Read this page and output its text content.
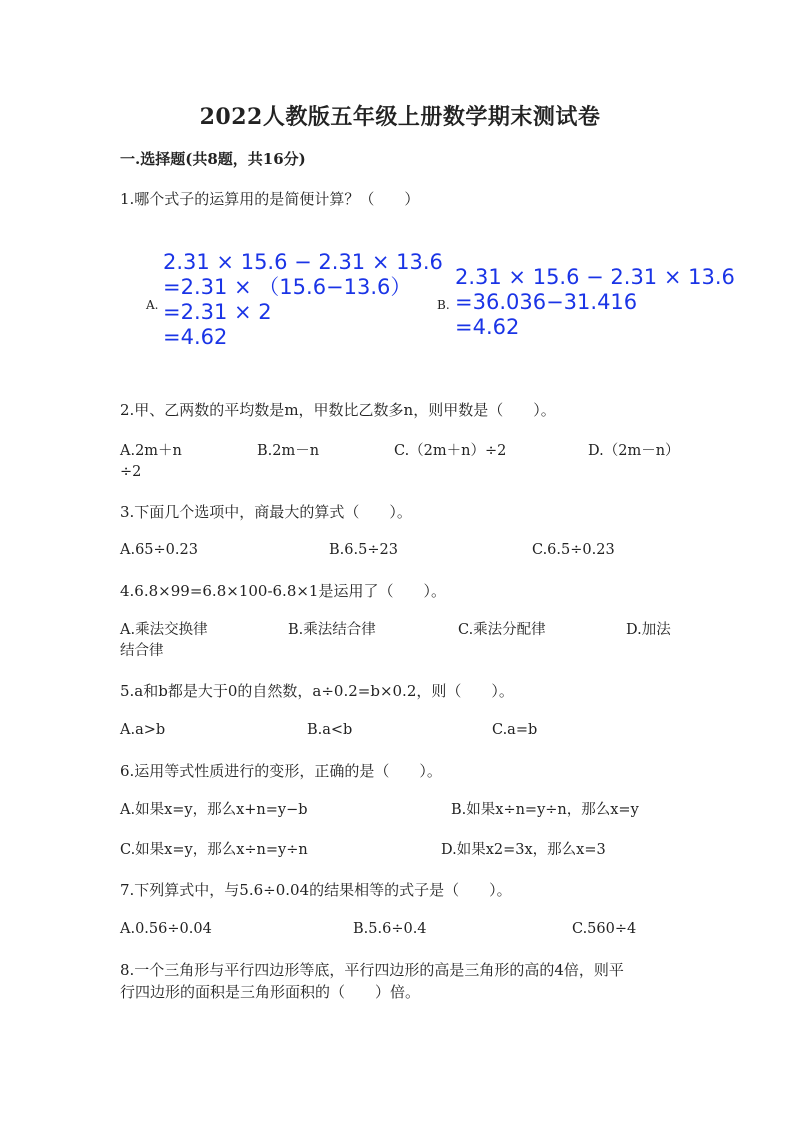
2022人教版五年级上册数学期末测试卷
一.选择题(共8题，共16分)
1.哪个式子的运算用的是简便计算？（　　）
A.
2.31 × 15.6 − 2.31 × 13.6
=2.31 × （15.6−13.6）
=2.31 × 2
=4.62
B.
2.31 × 15.6 − 2.31 × 13.6
=36.036−31.416
=4.62
2.甲、乙两数的平均数是m，甲数比乙数多n，则甲数是（　　）。
A.2m＋n	B.2m－n	C.（2m＋n）÷2	D.（2m－n）
÷2
3.下面几个选项中，商最大的算式（　　）。
A.65÷0.23	B.6.5÷23	C.6.5÷0.23
4.6.8×99=6.8×100-6.8×1是运用了（　　）。
A.乘法交换律	B.乘法结合律	C.乘法分配律	D.加法
结合律
5.a和b都是大于0的自然数，a÷0.2=b×0.2，则（　　）。
A.a>b	B.a<b	C.a=b
6.运用等式性质进行的变形，正确的是（　　）。
A.如果x=y，那么x+n=y−b	B.如果x÷n=y÷n，那么x=y
C.如果x=y，那么x÷n=y÷n	D.如果x2=3x，那么x=3
7.下列算式中，与5.6÷0.04的结果相等的式子是（　　）。
A.0.56÷0.04	B.5.6÷0.4	C.560÷4
8.一个三角形与平行四边形等底，平行四边形的高是三角形的高的4倍，则平
行四边形的面积是三角形面积的（　　）倍。
